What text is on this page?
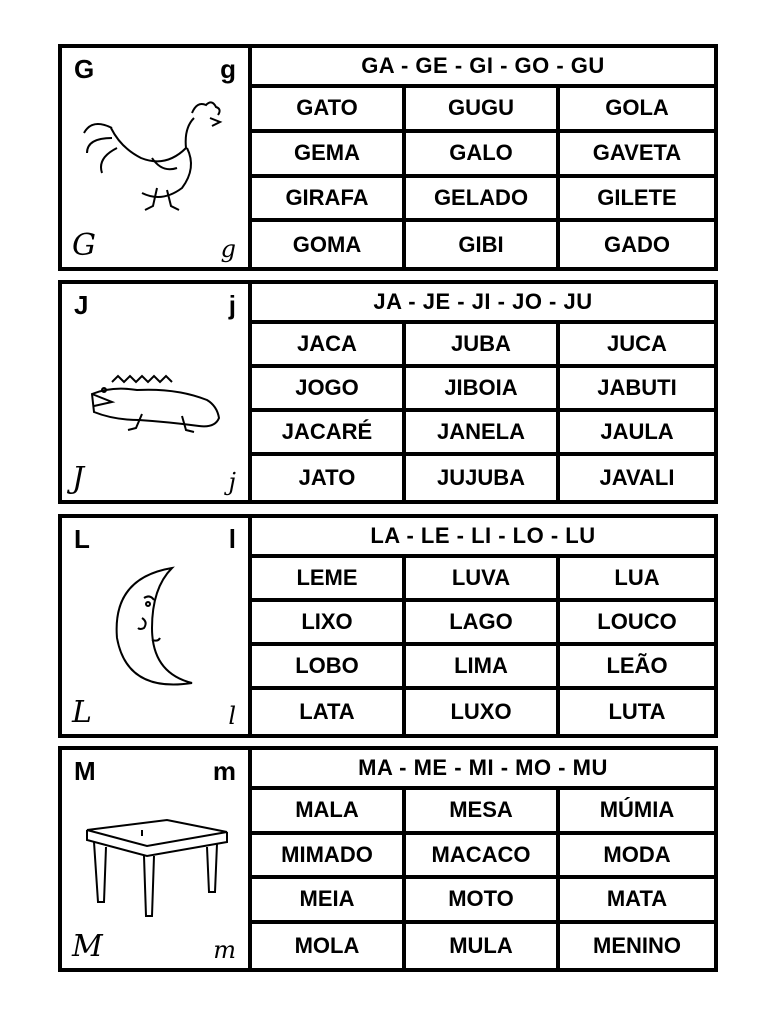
G	g
G	g
GA - GE - GI - GO - GU
GATO	GUGU	GOLA
GEMA	GALO	GAVETA
GIRAFA	GELADO	GILETE
GOMA	GIBI	GADO
J	j
J	j
JA - JE - JI - JO - JU
JACA	JUBA	JUCA
JOGO	JIBOIA	JABUTI
JACARÉ	JANELA	JAULA
JATO	JUJUBA	JAVALI
L	l
L	l
LA - LE - LI - LO - LU
LEME	LUVA	LUA
LIXO	LAGO	LOUCO
LOBO	LIMA	LEÃO
LATA	LUXO	LUTA
M	m
M	m
MA - ME - MI - MO - MU
MALA	MESA	MÚMIA
MIMADO	MACACO	MODA
MEIA	MOTO	MATA
MOLA	MULA	MENINO
